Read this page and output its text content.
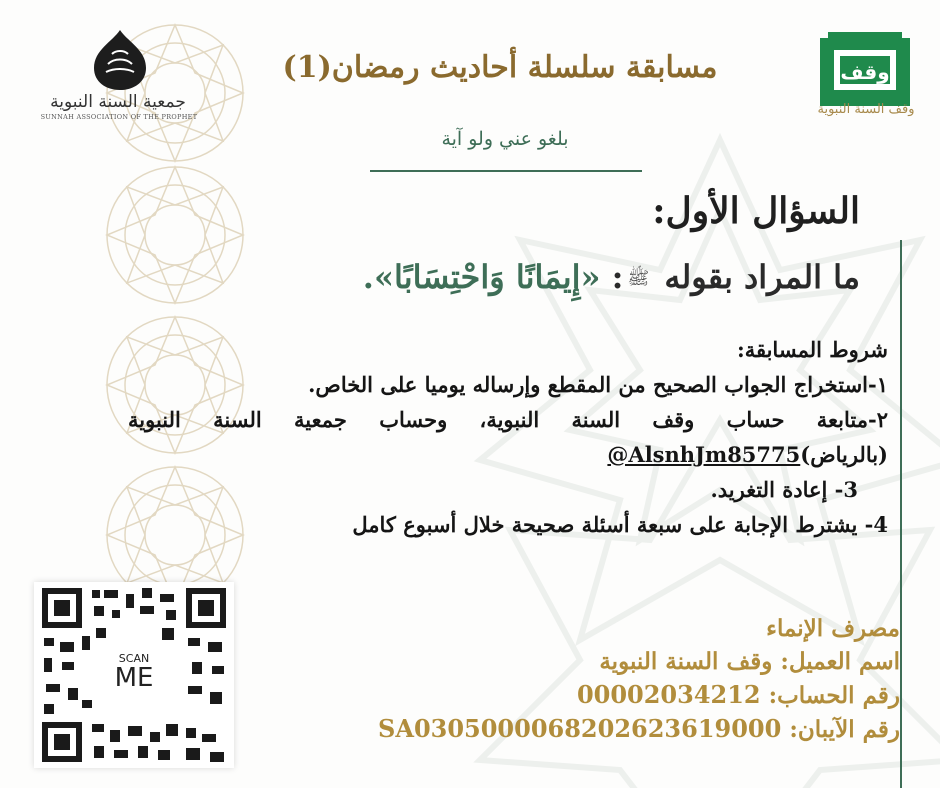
وقف
وقف السنة النبوية
جمعية السنة النبوية
SUNNAH ASSOCIATION OF THE PROPHET
مسابقة سلسلة أحاديث رمضان(1)
بلغو عني ولو آية
السؤال الأول:
ما المراد بقوله ﷺ: «إِيمَانًا وَاحْتِسَابًا».
شروط المسابقة:
١-استخراج الجواب الصحيح من المقطع وإرساله يوميا على الخاص.
٢-متابعة حساب وقف السنة النبوية، وحساب جمعية السنة النبوية
(بالرياض)@AlsnhJm85775
3- إعادة التغريد.
4- يشترط الإجابة على سبعة أسئلة صحيحة خلال أسبوع كامل
مصرف الإنماء
اسم العميل: وقف السنة النبوية
رقم الحساب: 00002034212
رقم الآيبان: SA0305000068202623619000
SCAN
ME
